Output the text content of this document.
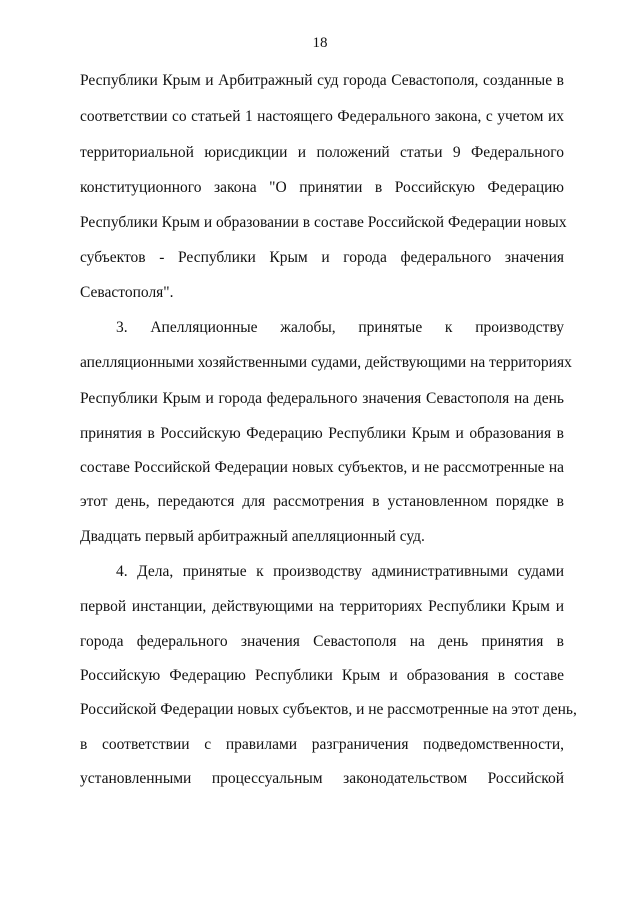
18
Республики Крым и Арбитражный суд города Севастополя, созданные в
соответствии со статьей 1 настоящего Федерального закона, с учетом их
территориальной юрисдикции и положений статьи 9 Федерального
конституционного закона "О принятии в Российскую Федерацию
Республики Крым и образовании в составе Российской Федерации новых
субъектов - Республики Крым и города федерального значения
Севастополя".
3. Апелляционные жалобы, принятые к производству
апелляционными хозяйственными судами, действующими на территориях
Республики Крым и города федерального значения Севастополя на день
принятия в Российскую Федерацию Республики Крым и образования в
составе Российской Федерации новых субъектов, и не рассмотренные на
этот день, передаются для рассмотрения в установленном порядке в
Двадцать первый арбитражный апелляционный суд.
4. Дела, принятые к производству административными судами
первой инстанции, действующими на территориях Республики Крым и
города федерального значения Севастополя на день принятия в
Российскую Федерацию Республики Крым и образования в составе
Российской Федерации новых субъектов, и не рассмотренные на этот день,
в соответствии с правилами разграничения подведомственности,
установленными процессуальным законодательством Российской
